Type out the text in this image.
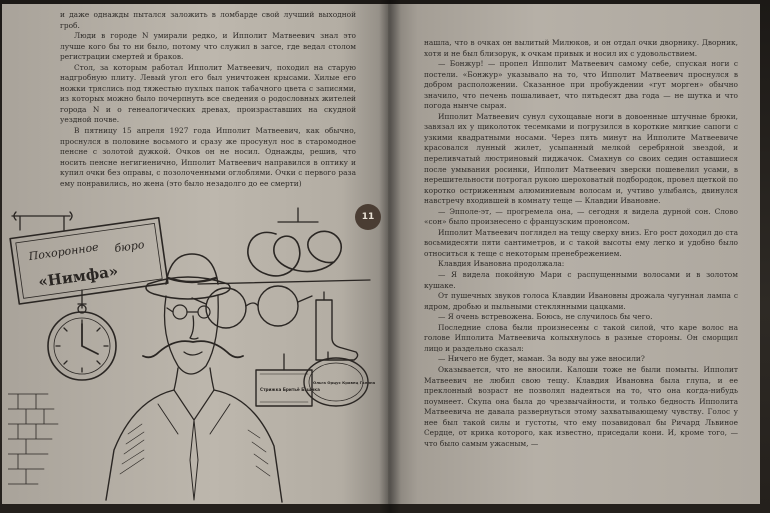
и даже однажды пытался заложить в ломбарде свой лучший выходной гроб.

Люди в городе N умирали редко, и Ипполит Матвеевич знал это лучше кого бы то ни было, потому что служил в загсе, где ведал столом регистрации смертей и браков.

Стол, за которым работал Ипполит Матвеевич, походил на старую надгробную плиту. Левый угол его был уничтожен крысами. Хилые его ножки тряслись под тяжестью пухлых папок табачного цвета с записями, из которых можно было почерпнуть все сведения о родословных жителей города N и о генеалогических древах, произраставших на скудной уездной почве.

В пятницу 15 апреля 1927 года Ипполит Матвеевич, как обычно, проснулся в половине восьмого и сразу же просунул нос в старомодное пенсне с золотой дужкой. Очков он не носил. Однажды, решив, что носить пенсне негигиенично, Ипполит Матвеевич направился в оптику и купил очки без оправы, с позолоченными оглоблями. Очки с первого раза ему понравились, но жена (это было незадолго до ее смерти)

Похоронное бюро
«Нимфа»
Стрижка Бритьё Бзшика
Ольга Орцус Кравец Галина

нашла, что в очках он вылитый Милюков, и он отдал очки дворнику. Дворник, хотя и не был близорук, к очкам привык и носил их с удовольствием.

— Бонжур! — пропел Ипполит Матвеевич самому себе, спуская ноги с постели. «Бонжур» указывало на то, что Ипполит Матвеевич проснулся в добром расположении. Сказанное при пробуждении «гут морген» обычно значило, что печень пошаливает, что пятьдесят два года — не шутка и что погода нынче сырая.

Ипполит Матвеевич сунул сухощавые ноги в довоенные штучные брюки, завязал их у щиколоток тесемками и погрузился в короткие мягкие сапоги с узкими квадратными носами. Через пять минут на Ипполите Матвеевиче красовался лунный жилет, усыпанный мелкой серебряной звездой, и переливчатый люстриновый пиджачок. Смахнув со своих седин оставшиеся после умывания росинки, Ипполит Матвеевич зверски пошевелил усами, в нерешительности потрогал рукою шероховатый подбородок, провел щеткой по коротко остриженным алюминиевым волосам и, учтиво улыбаясь, двинулся навстречу входившей в комнату теще — Клавдии Ивановне.

— Эпполе-эт, — прогремела она, — сегодня я видела дурной сон. Слово «сон» было произнесено с французским прононсом.

Ипполит Матвеевич поглядел на тещу сверху вниз. Его рост доходил до ста восьмидесяти пяти сантиметров, и с такой высоты ему легко и удобно было относиться к теще с некоторым пренебрежением.

Клавдия Ивановна продолжала:

— Я видела покойную Мари с распущенными волосами и в золотом кушаке.

От пушечных звуков голоса Клавдии Ивановны дрожала чугунная лампа с ядром, дробью и пыльными стеклянными цацками.

— Я очень встревожена. Боюсь, не случилось бы чего.

Последние слова были произнесены с такой силой, что каре волос на голове Ипполита Матвеевича колыхнулось в разные стороны. Он сморщил лицо и раздельно сказал:

— Ничего не будет, маман. За воду вы уже вносили?

Оказывается, что не вносили. Калоши тоже не были помыты. Ипполит Матвеевич не любил свою тещу. Клавдия Ивановна была глупа, и ее преклонный возраст не позволял надеяться на то, что она когда-нибудь поумнеет. Скупа она была до чрезвычайности, и только бедность Ипполита Матвеевича не давала развернуться этому захватывающему чувству. Голос у нее был такой силы и густоты, что ему позавидовал бы Ричард Львиное Сердце, от крика которого, как известно, приседали кони. И, кроме того, — что было самым ужасным, —

11
